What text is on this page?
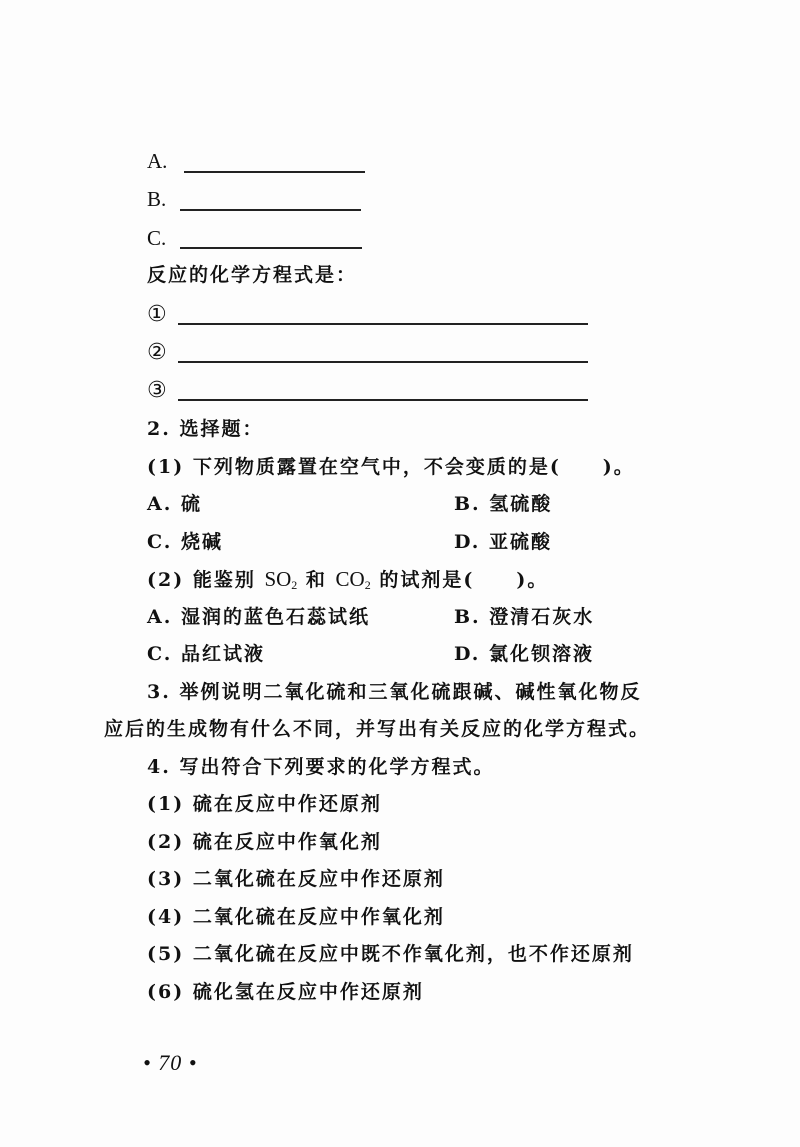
A.
B.
C.
反应的化学方程式是：
①
②
③
2. 选择题：
(1) 下列物质露置在空气中，不会变质的是(　　)。
A. 硫	B. 氢硫酸
C. 烧碱	D. 亚硫酸
(2) 能鉴别 $SO_2$ 和 $CO_2$ 的试剂是(　　)。
A. 湿润的蓝色石蕊试纸	B. 澄清石灰水
C. 品红试液	D. 氯化钡溶液
3. 举例说明二氧化硫和三氧化硫跟碱、碱性氧化物反
应后的生成物有什么不同，并写出有关反应的化学方程式。
4. 写出符合下列要求的化学方程式。
(1) 硫在反应中作还原剂
(2) 硫在反应中作氧化剂
(3) 二氧化硫在反应中作还原剂
(4) 二氧化硫在反应中作氧化剂
(5) 二氧化硫在反应中既不作氧化剂，也不作还原剂
(6) 硫化氢在反应中作还原剂
• 70 •
